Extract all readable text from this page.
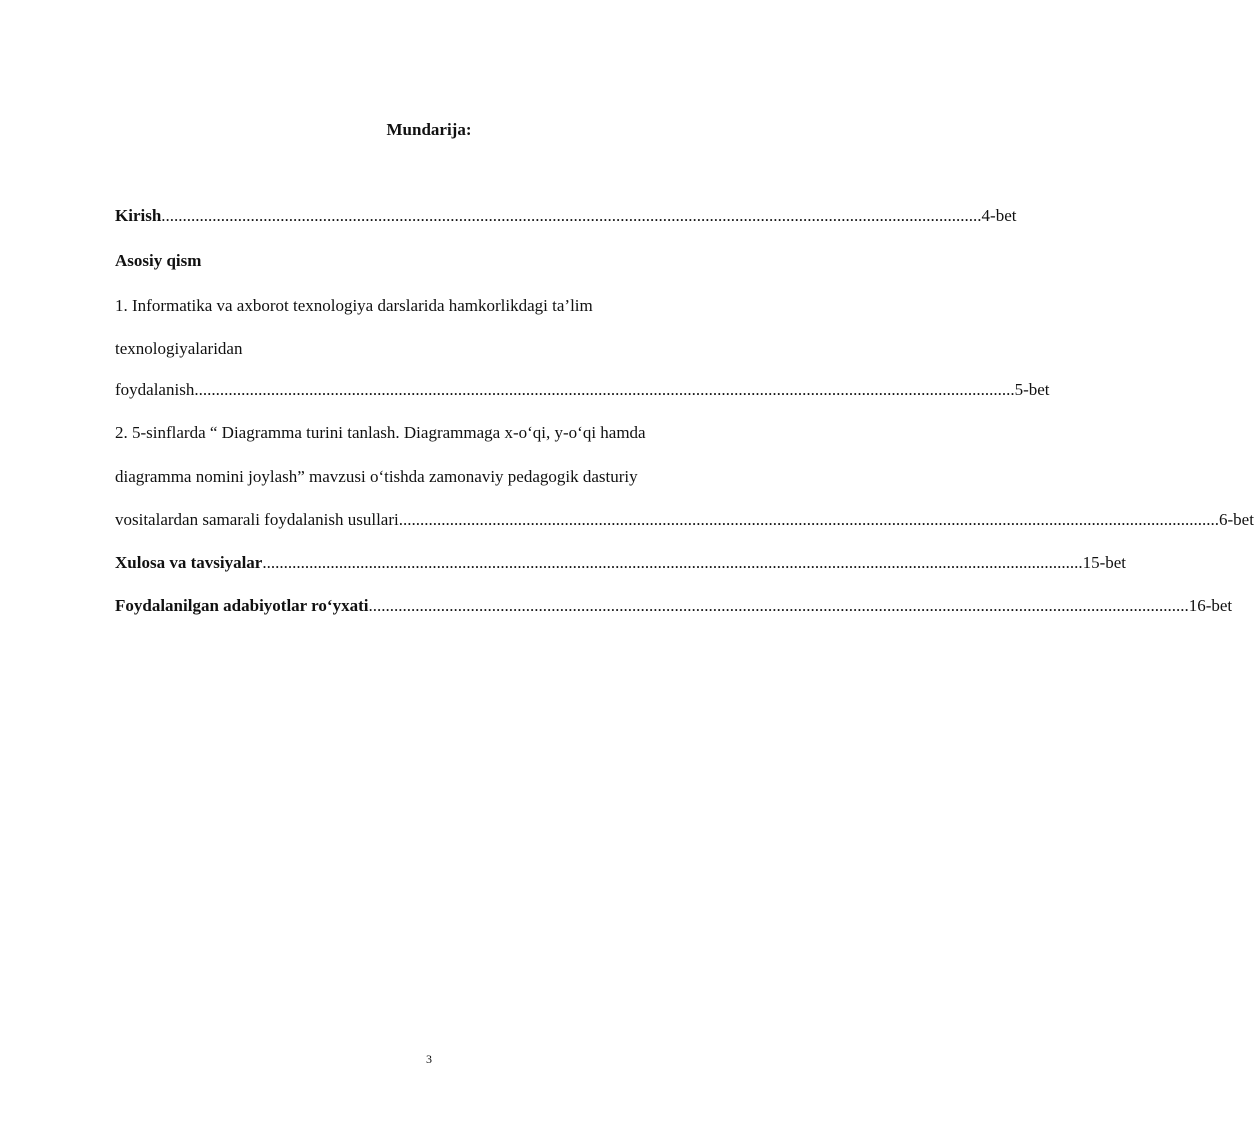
Mundarija:
Kirish ................................................................................................................................................................................................. 4-bet
Asosiy qism
1. Informatika va axborot texnologiya darslarida hamkorlikdagi ta’lim
texnologiyalaridan
foydalanish ................................................................................................................................................................................................. 5-bet
2. 5-sinflarda “ Diagramma turini tanlash. Diagrammaga x-o‘qi, y-o‘qi hamda
diagramma nomini joylash” mavzusi o‘tishda zamonaviy pedagogik dasturiy
vositalardan samarali foydalanish usullari ................................................................................................................................................................................................. 6-bet
Xulosa va tavsiyalar ................................................................................................................................................................................................. 15-bet
Foydalanilgan adabiyotlar ro‘yxati ................................................................................................................................................................................................. 16-bet
3
